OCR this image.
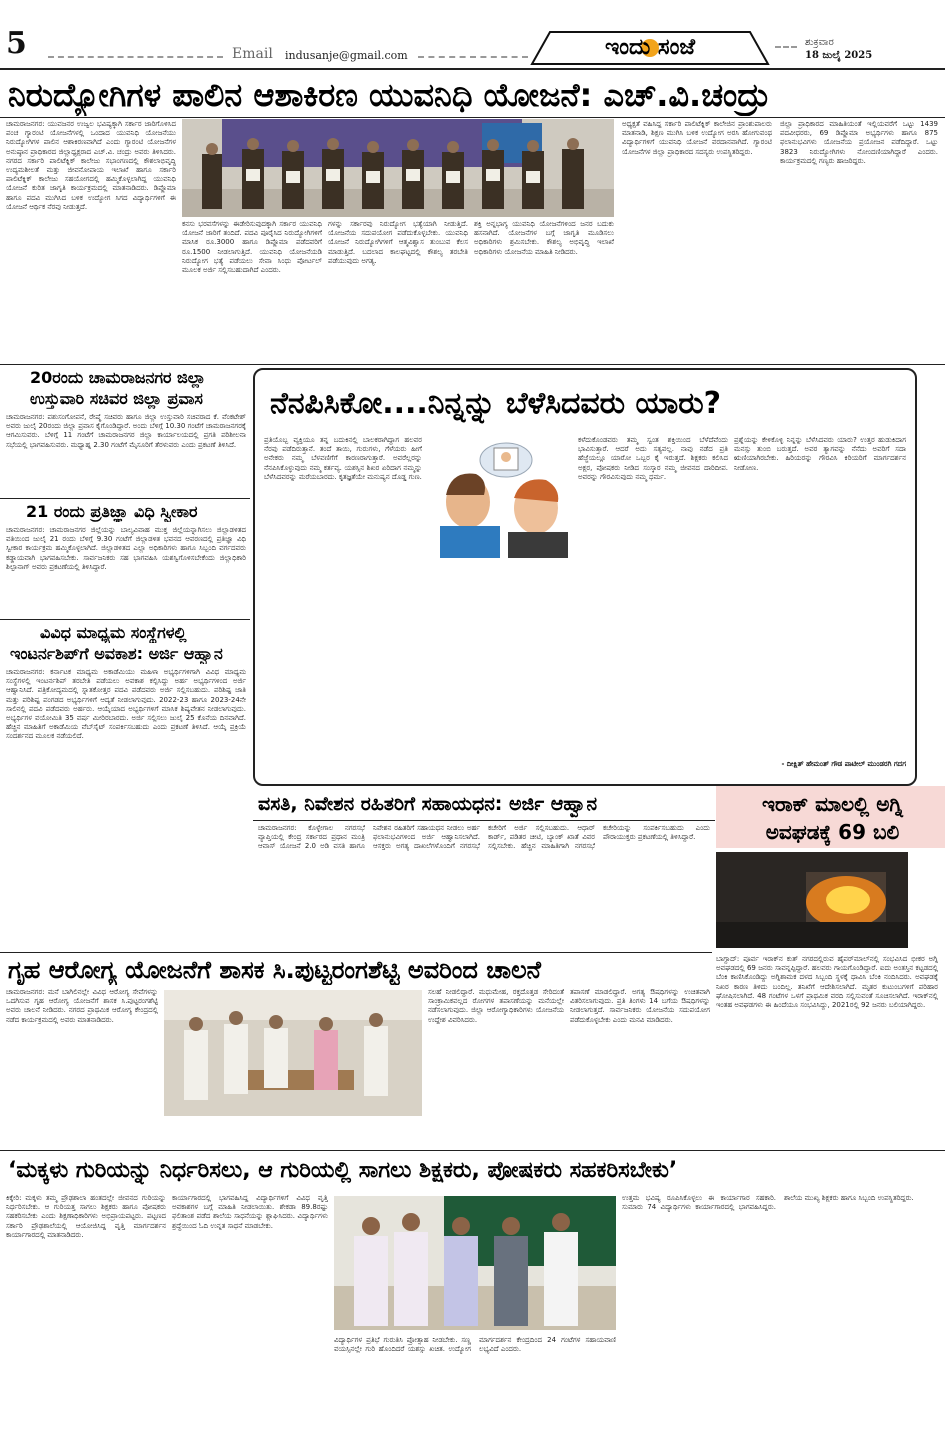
5	Email indusanje@gmail.com	ಇಂದು ಸಂಜೆ	ಶುಕ್ರವಾರ
18 ಜುಲೈ 2025
ನಿರುದ್ಯೋಗಿಗಳ ಪಾಲಿನ ಆಶಾಕಿರಣ ಯುವನಿಧಿ ಯೋಜನೆ: ಎಚ್.ವಿ.ಚಂದ್ರು
ಚಾಮರಾಜನಗರ: ಯುವಜನರ ಉಜ್ವಲ ಭವಿಷ್ಯಕ್ಕಾಗಿ ಸರ್ಕಾರ ಜಾರಿಗೊಳಿಸಿದ ಪಂಚ ಗ್ಯಾರಂಟಿ ಯೋಜನೆಗಳಲ್ಲಿ ಒಂದಾದ ಯುವನಿಧಿ ಯೋಜನೆಯು ನಿರುದ್ಯೋಗಿಗಳ ಪಾಲಿನ ಆಶಾಕಿರಣವಾಗಿದೆ ಎಂದು ಗ್ಯಾರಂಟಿ ಯೋಜನೆಗಳ ಅನುಷ್ಠಾನ ಪ್ರಾಧಿಕಾರದ ಜಿಲ್ಲಾಧ್ಯಕ್ಷರಾದ ಎಚ್.ವಿ. ಚಂದ್ರು ಅವರು ತಿಳಿಸಿದರು. ನಗರದ ಸರ್ಕಾರಿ ಪಾಲಿಟೆಕ್ನಿಕ್ ಕಾಲೇಜು ಸಭಾಂಗಣದಲ್ಲಿ ಕೌಶಲಾಭಿವೃದ್ಧಿ ಉದ್ಯಮಶೀಲತೆ ಮತ್ತು ಜೀವನೋಪಾಯ ಇಲಾಖೆ ಹಾಗೂ ಸರ್ಕಾರಿ ಪಾಲಿಟೆಕ್ನಿಕ್ ಕಾಲೇಜು ಸಹಯೋಗದಲ್ಲಿ ಹಮ್ಮಿಕೊಳ್ಳಲಾಗಿದ್ದ ಯುವನಿಧಿ ಯೋಜನೆ ಕುರಿತ ಜಾಗೃತಿ ಕಾರ್ಯಕ್ರಮದಲ್ಲಿ ಮಾತನಾಡಿದರು. ಡಿಪ್ಲೊಮಾ ಹಾಗೂ ಪದವಿ ಮುಗಿಸಿದ ಬಳಿಕ ಉದ್ಯೋಗ ಸಿಗದ ವಿದ್ಯಾರ್ಥಿಗಳಿಗೆ ಈ ಯೋಜನೆ ಆರ್ಥಿಕ ನೆರವು ನೀಡುತ್ತದೆ.
ಕನಸು ಭರವಸೆಗಳನ್ನು ಈಡೇರಿಸುವುದಕ್ಕಾಗಿ ಸರ್ಕಾರ ಯುವನಿಧಿ ಯೋಜನೆ ಜಾರಿಗೆ ತಂದಿದೆ. ಪದವಿ ಪೂರೈಸಿದ ನಿರುದ್ಯೋಗಿಗಳಿಗೆ ಮಾಸಿಕ ರೂ.3000 ಹಾಗೂ ಡಿಪ್ಲೊಮಾ ಪಡೆದವರಿಗೆ ರೂ.1500 ನೀಡಲಾಗುತ್ತಿದೆ. ಯುವನಿಧಿ ಯೋಜನೆಯಡಿ ನಿರುದ್ಯೋಗ ಭತ್ಯೆ ಪಡೆಯಲು ಸೇವಾ ಸಿಂಧು ಪೋರ್ಟಲ್ ಮೂಲಕ ಅರ್ಜಿ ಸಲ್ಲಿಸಬಹುದಾಗಿದೆ ಎಂದರು.
ಗಳನ್ನು ಸರ್ಕಾರವು ನಿರುದ್ಯೋಗ ಭತ್ಯೆಯಾಗಿ ನೀಡುತ್ತಿದೆ. ಯೋಜನೆಯ ಸದುಪಯೋಗ ಪಡೆದುಕೊಳ್ಳಬೇಕು. ಯುವನಿಧಿ ಯೋಜನೆ ನಿರುದ್ಯೋಗಿಗಳಿಗೆ ಆತ್ಮವಿಶ್ವಾಸ ತುಂಬುವ ಕೆಲಸ ಮಾಡುತ್ತಿದೆ. ಬದಲಾದ ಕಾಲಘಟ್ಟದಲ್ಲಿ ಕೌಶಲ್ಯ ತರಬೇತಿ ಪಡೆಯುವುದು ಅಗತ್ಯ.
ಶಕ್ತಿ ಅನ್ನಭಾಗ್ಯ ಯುವನಿಧಿ ಯೋಜನೆಗಳಿಂದ ಜನರ ಬದುಕು ಹಸನಾಗಿದೆ. ಯೋಜನೆಗಳ ಬಗ್ಗೆ ಜಾಗೃತಿ ಮೂಡಿಸಲು ಅಧಿಕಾರಿಗಳು ಶ್ರಮಿಸಬೇಕು. ಕೌಶಲ್ಯ ಅಭಿವೃದ್ಧಿ ಇಲಾಖೆ ಅಧಿಕಾರಿಗಳು ಯೋಜನೆಯ ಮಾಹಿತಿ ನೀಡಿದರು.
ಅಧ್ಯಕ್ಷತೆ ವಹಿಸಿದ್ದ ಸರ್ಕಾರಿ ಪಾಲಿಟೆಕ್ನಿಕ್ ಕಾಲೇಜಿನ ಪ್ರಾಂಶುಪಾಲರು ಮಾತನಾಡಿ, ಶಿಕ್ಷಣ ಮುಗಿಸಿ ಬಳಿಕ ಉದ್ಯೋಗ ಅರಸಿ ಹೋಗುವಂಥ ವಿದ್ಯಾರ್ಥಿಗಳಿಗೆ ಯುವನಿಧಿ ಯೋಜನೆ ವರದಾನವಾಗಿದೆ. ಗ್ಯಾರಂಟಿ ಯೋಜನೆಗಳ ಜಿಲ್ಲಾ ಪ್ರಾಧಿಕಾರದ ಸದಸ್ಯರು ಉಪಸ್ಥಿತರಿದ್ದರು.
ಜಿಲ್ಲಾ ಪ್ರಾಧಿಕಾರದ ಮಾಹಿತಿಯಂತೆ ಇಲ್ಲಿಯವರೆಗೆ ಒಟ್ಟು 1439 ಪದವೀಧರರು, 69 ಡಿಪ್ಲೊಮಾ ಅಭ್ಯರ್ಥಿಗಳು ಹಾಗೂ 875 ಫಲಾನುಭವಿಗಳು ಯೋಜನೆಯ ಪ್ರಯೋಜನ ಪಡೆದಿದ್ದಾರೆ. ಒಟ್ಟು 3823 ನಿರುದ್ಯೋಗಿಗಳು ನೋಂದಣಿಯಾಗಿದ್ದಾರೆ ಎಂದರು. ಕಾರ್ಯಕ್ರಮದಲ್ಲಿ ಗಣ್ಯರು ಹಾಜರಿದ್ದರು.
20ರಂದು ಚಾಮರಾಜನಗರ ಜಿಲ್ಲಾ
ಉಸ್ತುವಾರಿ ಸಚಿವರ ಜಿಲ್ಲಾ ಪ್ರವಾಸ
ಚಾಮರಾಜನಗರ: ಪಶುಸಂಗೋಪನೆ, ರೇಷ್ಮೆ ಸಚಿವರು ಹಾಗೂ ಜಿಲ್ಲಾ ಉಸ್ತುವಾರಿ ಸಚಿವರಾದ ಕೆ. ವೆಂಕಟೇಶ್ ಅವರು ಜುಲೈ 20ರಂದು ಜಿಲ್ಲಾ ಪ್ರವಾಸ ಕೈಗೊಂಡಿದ್ದಾರೆ. ಅಂದು ಬೆಳಿಗ್ಗೆ 10.30 ಗಂಟೆಗೆ ಚಾಮರಾಜನಗರಕ್ಕೆ ಆಗಮಿಸುವರು. ಬೆಳಿಗ್ಗೆ 11 ಗಂಟೆಗೆ ಚಾಮರಾಜನಗರ ಜಿಲ್ಲಾ ಕಾರ್ಯಾಲಯದಲ್ಲಿ ಪ್ರಗತಿ ಪರಿಶೀಲನಾ ಸಭೆಯಲ್ಲಿ ಭಾಗವಹಿಸುವರು. ಮಧ್ಯಾಹ್ನ 2.30 ಗಂಟೆಗೆ ಮೈಸೂರಿಗೆ ತೆರಳುವರು ಎಂದು ಪ್ರಕಟಣೆ ತಿಳಿಸಿದೆ.
21 ರಂದು ಪ್ರತಿಜ್ಞಾ ವಿಧಿ ಸ್ವೀಕಾರ
ಚಾಮರಾಜನಗರ: ಚಾಮರಾಜನಗರ ಜಿಲ್ಲೆಯನ್ನು ಬಾಲ್ಯವಿವಾಹ ಮುಕ್ತ ಜಿಲ್ಲೆಯನ್ನಾಗಿಸಲು ಜಿಲ್ಲಾಡಳಿತದ ವತಿಯಿಂದ ಜುಲೈ 21 ರಂದು ಬೆಳಿಗ್ಗೆ 9.30 ಗಂಟೆಗೆ ಜಿಲ್ಲಾಡಳಿತ ಭವನದ ಆವರಣದಲ್ಲಿ ಪ್ರತಿಜ್ಞಾ ವಿಧಿ ಸ್ವೀಕಾರ ಕಾರ್ಯಕ್ರಮ ಹಮ್ಮಿಕೊಳ್ಳಲಾಗಿದೆ. ಜಿಲ್ಲಾಡಳಿತದ ಎಲ್ಲಾ ಅಧಿಕಾರಿಗಳು ಹಾಗೂ ಸಿಬ್ಬಂದಿ ವರ್ಗದವರು ಕಡ್ಡಾಯವಾಗಿ ಭಾಗವಹಿಸಬೇಕು. ಸಾರ್ವಜನಿಕರು ಸಹ ಭಾಗವಹಿಸಿ ಯಶಸ್ವಿಗೊಳಿಸಬೇಕೆಂದು ಜಿಲ್ಲಾಧಿಕಾರಿ ಶಿಲ್ಪಾನಾಗ್ ಅವರು ಪ್ರಕಟಣೆಯಲ್ಲಿ ತಿಳಿಸಿದ್ದಾರೆ.
ವಿವಿಧ ಮಾಧ್ಯಮ ಸಂಸ್ಥೆಗಳಲ್ಲಿ
ಇಂಟರ್ನಶಿಪ್‌ಗೆ ಅವಕಾಶ: ಅರ್ಜಿ ಆಹ್ವಾನ
ಚಾಮರಾಜನಗರ: ಕರ್ನಾಟಕ ಮಾಧ್ಯಮ ಅಕಾಡೆಮಿಯು ಮಹಿಳಾ ಅಭ್ಯರ್ಥಿಗಳಿಗಾಗಿ ವಿವಿಧ ಮಾಧ್ಯಮ ಸಂಸ್ಥೆಗಳಲ್ಲಿ ಇಂಟರ್ನಶಿಪ್ ತರಬೇತಿ ಪಡೆಯಲು ಅವಕಾಶ ಕಲ್ಪಿಸಿದ್ದು ಅರ್ಹ ಅಭ್ಯರ್ಥಿಗಳಿಂದ ಅರ್ಜಿ ಆಹ್ವಾನಿಸಿದೆ. ಪತ್ರಿಕೋದ್ಯಮದಲ್ಲಿ ಸ್ನಾತಕೋತ್ತರ ಪದವಿ ಪಡೆದವರು ಅರ್ಜಿ ಸಲ್ಲಿಸಬಹುದು. ಪರಿಶಿಷ್ಟ ಜಾತಿ ಮತ್ತು ಪರಿಶಿಷ್ಟ ಪಂಗಡದ ಅಭ್ಯರ್ಥಿಗಳಿಗೆ ಆದ್ಯತೆ ನೀಡಲಾಗುವುದು. 2022-23 ಹಾಗೂ 2023-24ನೇ ಸಾಲಿನಲ್ಲಿ ಪದವಿ ಪಡೆದವರು ಅರ್ಹರು. ಆಯ್ಕೆಯಾದ ಅಭ್ಯರ್ಥಿಗಳಿಗೆ ಮಾಸಿಕ ಶಿಷ್ಯವೇತನ ನೀಡಲಾಗುವುದು. ಅಭ್ಯರ್ಥಿಗಳ ವಯೋಮಿತಿ 35 ವರ್ಷ ಮೀರಿರಬಾರದು. ಅರ್ಜಿ ಸಲ್ಲಿಸಲು ಜುಲೈ 25 ಕೊನೆಯ ದಿನವಾಗಿದೆ. ಹೆಚ್ಚಿನ ಮಾಹಿತಿಗೆ ಅಕಾಡೆಮಿಯ ವೆಬ್‌ಸೈಟ್ ಸಂಪರ್ಕಿಸಬಹುದು ಎಂದು ಪ್ರಕಟಣೆ ತಿಳಿಸಿದೆ. ಆಯ್ಕೆ ಪ್ರಕ್ರಿಯೆ ಸಂದರ್ಶನದ ಮೂಲಕ ನಡೆಯಲಿದೆ.
ನೆನಪಿಸಿಕೋ....ನಿನ್ನನ್ನು ಬೆಳೆಸಿದವರು ಯಾರು?
ಪ್ರತಿಯೊಬ್ಬ ವ್ಯಕ್ತಿಯೂ ತನ್ನ ಬದುಕಿನಲ್ಲಿ ಬಾಲಕರಾಗಿದ್ದಾಗ ಹಲವರ ನೆರವು ಪಡೆದಿರುತ್ತಾನೆ. ತಂದೆ ತಾಯಿ, ಗುರುಗಳು, ಗೆಳೆಯರು ಹೀಗೆ ಅನೇಕರು ನಮ್ಮ ಬೆಳವಣಿಗೆಗೆ ಕಾರಣರಾಗುತ್ತಾರೆ. ಅವರೆಲ್ಲರನ್ನು ನೆನಪಿಸಿಕೊಳ್ಳುವುದು ನಮ್ಮ ಕರ್ತವ್ಯ. ಯಶಸ್ಸಿನ ಶಿಖರ ಏರಿದಾಗ ನಮ್ಮನ್ನು ಬೆಳೆಸಿದವರನ್ನು ಮರೆಯಬಾರದು. ಕೃತಜ್ಞತೆಯೇ ಮನುಷ್ಯನ ದೊಡ್ಡ ಗುಣ.
ಕಳೆದುಕೊಂಡವರು ತಮ್ಮ ಸ್ವಂತ ಶಕ್ತಿಯಿಂದ ಬೆಳೆದೆವೆಂದು ಭಾವಿಸುತ್ತಾರೆ. ಆದರೆ ಅದು ಸತ್ಯವಲ್ಲ. ನಾವು ನಡೆದ ಪ್ರತಿ ಹೆಜ್ಜೆಯಲ್ಲೂ ಯಾರೋ ಒಬ್ಬರ ಕೈ ಇರುತ್ತದೆ. ಶಿಕ್ಷಕರು ಕಲಿಸಿದ ಅಕ್ಷರ, ಪೋಷಕರು ನೀಡಿದ ಸಂಸ್ಕಾರ ನಮ್ಮ ಜೀವನದ ದಾರಿದೀಪ. ಅವರನ್ನು ಗೌರವಿಸುವುದು ನಮ್ಮ ಧರ್ಮ.
ಪ್ರಶ್ನೆಯನ್ನು ಕೇಳಿಕೊಳ್ಳಿ ನಿನ್ನನ್ನು ಬೆಳೆಸಿದವರು ಯಾರು? ಉತ್ತರ ಹುಡುಕಿದಾಗ ಮನಸ್ಸು ತುಂಬಿ ಬರುತ್ತದೆ. ಅವರ ತ್ಯಾಗವನ್ನು ನೆನೆದು ಅವರಿಗೆ ಸದಾ ಋಣಿಯಾಗಿರಬೇಕು. ಹಿರಿಯರನ್ನು ಗೌರವಿಸಿ ಕಿರಿಯರಿಗೆ ಮಾರ್ಗದರ್ಶನ ನೀಡೋಣ.
- ದೀಕ್ಷಿತ್ ಹೇಮಂತ್ ಗೌಡ ಪಾಟೀಲ್ ಮುಂಡರಗಿ ಗದಗ
ವಸತಿ, ನಿವೇಶನ ರಹಿತರಿಗೆ ಸಹಾಯಧನ: ಅರ್ಜಿ ಆಹ್ವಾನ
ಚಾಮರಾಜನಗರ: ಕೊಳ್ಳೇಗಾಲ ನಗರಸಭೆ ವ್ಯಾಪ್ತಿಯಲ್ಲಿ ಕೇಂದ್ರ ಸರ್ಕಾರದ ಪ್ರಧಾನ ಮಂತ್ರಿ ಆವಾಸ್ ಯೋಜನೆ 2.0 ಅಡಿ ವಸತಿ ಹಾಗೂ ನಿವೇಶನ ರಹಿತರಿಗೆ ಸಹಾಯಧನ ನೀಡಲು ಅರ್ಹ ಫಲಾನುಭವಿಗಳಿಂದ ಅರ್ಜಿ ಆಹ್ವಾನಿಸಲಾಗಿದೆ. ಆಸಕ್ತರು ಅಗತ್ಯ ದಾಖಲೆಗಳೊಂದಿಗೆ ನಗರಸಭೆ ಕಚೇರಿಗೆ ಅರ್ಜಿ ಸಲ್ಲಿಸಬಹುದು. ಆಧಾರ್ ಕಾರ್ಡ್, ಪಡಿತರ ಚೀಟಿ, ಬ್ಯಾಂಕ್ ಖಾತೆ ವಿವರ ಸಲ್ಲಿಸಬೇಕು. ಹೆಚ್ಚಿನ ಮಾಹಿತಿಗಾಗಿ ನಗರಸಭೆ ಕಚೇರಿಯನ್ನು ಸಂಪರ್ಕಿಸಬಹುದು ಎಂದು ಪೌರಾಯುಕ್ತರು ಪ್ರಕಟಣೆಯಲ್ಲಿ ತಿಳಿಸಿದ್ದಾರೆ.
ಇರಾಕ್ ಮಾಲಲ್ಲಿ ಅಗ್ನಿ
ಅವಘಡಕ್ಕೆ 69 ಬಲಿ
ಬಾಗ್ದಾದ್: ಪೂರ್ವ ಇರಾಕ್‌ನ ಕುತ್‌ ನಗರದಲ್ಲಿರುವ ಹೈಪರ್‌ಮಾಲ್‌ನಲ್ಲಿ ಸಂಭವಿಸಿದ ಭೀಕರ ಅಗ್ನಿ ಅವಘಡದಲ್ಲಿ 69 ಜನರು ಸಾವನ್ನಪ್ಪಿದ್ದಾರೆ. ಹಲವರು ಗಾಯಗೊಂಡಿದ್ದಾರೆ. ಐದು ಅಂತಸ್ತಿನ ಕಟ್ಟಡದಲ್ಲಿ ಬೆಂಕಿ ಕಾಣಿಸಿಕೊಂಡಿದ್ದು ಅಗ್ನಿಶಾಮಕ ದಳದ ಸಿಬ್ಬಂದಿ ಸ್ಥಳಕ್ಕೆ ಧಾವಿಸಿ ಬೆಂಕಿ ನಂದಿಸಿದರು. ಅವಘಡಕ್ಕೆ ನಿಖರ ಕಾರಣ ತಿಳಿದು ಬಂದಿಲ್ಲ. ತನಿಖೆಗೆ ಆದೇಶಿಸಲಾಗಿದೆ. ಮೃತರ ಕುಟುಂಬಗಳಿಗೆ ಪರಿಹಾರ ಘೋಷಿಸಲಾಗಿದೆ. 48 ಗಂಟೆಗಳ ಒಳಗೆ ಪ್ರಾಥಮಿಕ ವರದಿ ಸಲ್ಲಿಸುವಂತೆ ಸೂಚಿಸಲಾಗಿದೆ. ಇರಾಕ್‌ನಲ್ಲಿ ಇಂತಹ ಅವಘಡಗಳು ಈ ಹಿಂದೆಯೂ ಸಂಭವಿಸಿದ್ದು, 2021ರಲ್ಲಿ 92 ಜನರು ಬಲಿಯಾಗಿದ್ದರು.
ಗೃಹ ಆರೋಗ್ಯ ಯೋಜನೆಗೆ ಶಾಸಕ ಸಿ.ಪುಟ್ಟರಂಗಶೆಟ್ಟಿ ಅವರಿಂದ ಚಾಲನೆ
ಚಾಮರಾಜನಗರ: ಮನೆ ಬಾಗಿಲಿನಲ್ಲೇ ವಿವಿಧ ಆರೋಗ್ಯ ಸೇವೆಗಳನ್ನು ಒದಗಿಸುವ ಗೃಹ ಆರೋಗ್ಯ ಯೋಜನೆಗೆ ಶಾಸಕ ಸಿ.ಪುಟ್ಟರಂಗಶೆಟ್ಟಿ ಅವರು ಚಾಲನೆ ನೀಡಿದರು. ನಗರದ ಪ್ರಾಥಮಿಕ ಆರೋಗ್ಯ ಕೇಂದ್ರದಲ್ಲಿ ನಡೆದ ಕಾರ್ಯಕ್ರಮದಲ್ಲಿ ಅವರು ಮಾತನಾಡಿದರು.
ಸಲಹೆ ನೀಡಲಿದ್ದಾರೆ. ಮಧುಮೇಹ, ರಕ್ತದೊತ್ತಡ ಸೇರಿದಂತೆ ಸಾಂಕ್ರಾಮಿಕವಲ್ಲದ ರೋಗಗಳ ತಪಾಸಣೆಯನ್ನು ಮನೆಯಲ್ಲೇ ನಡೆಸಲಾಗುವುದು. ಜಿಲ್ಲಾ ಆರೋಗ್ಯಾಧಿಕಾರಿಗಳು ಯೋಜನೆಯ ಉದ್ದೇಶ ವಿವರಿಸಿದರು.
ತಪಾಸಣೆ ಮಾಡಲಿದ್ದಾರೆ. ಅಗತ್ಯ ಔಷಧಿಗಳನ್ನು ಉಚಿತವಾಗಿ ವಿತರಿಸಲಾಗುವುದು. ಪ್ರತಿ ತಿಂಗಳು 14 ಬಗೆಯ ಔಷಧಿಗಳನ್ನು ನೀಡಲಾಗುತ್ತದೆ. ಸಾರ್ವಜನಿಕರು ಯೋಜನೆಯ ಸದುಪಯೋಗ ಪಡೆದುಕೊಳ್ಳಬೇಕು ಎಂದು ಮನವಿ ಮಾಡಿದರು.
‘ಮಕ್ಕಳು ಗುರಿಯನ್ನು ನಿರ್ಧರಿಸಲು, ಆ ಗುರಿಯಲ್ಲಿ ಸಾಗಲು ಶಿಕ್ಷಕರು, ಪೋಷಕರು ಸಹಕರಿಸಬೇಕು’
ಕಿಕ್ಕೇರಿ: ಮಕ್ಕಳು ತಮ್ಮ ಪ್ರೌಢಶಾಲಾ ಹಂತದಲ್ಲೇ ಜೀವನದ ಗುರಿಯನ್ನು ನಿರ್ಧರಿಸಬೇಕು. ಆ ಗುರಿಯತ್ತ ಸಾಗಲು ಶಿಕ್ಷಕರು ಹಾಗೂ ಪೋಷಕರು ಸಹಕರಿಸಬೇಕು ಎಂದು ಶಿಕ್ಷಣಾಧಿಕಾರಿಗಳು ಅಭಿಪ್ರಾಯಪಟ್ಟರು. ಪಟ್ಟಣದ ಸರ್ಕಾರಿ ಪ್ರೌಢಶಾಲೆಯಲ್ಲಿ ಆಯೋಜಿಸಿದ್ದ ವೃತ್ತಿ ಮಾರ್ಗದರ್ಶನ ಕಾರ್ಯಾಗಾರದಲ್ಲಿ ಮಾತನಾಡಿದರು.
ಕಾರ್ಯಾಗಾರದಲ್ಲಿ ಭಾಗವಹಿಸಿದ್ದ ವಿದ್ಯಾರ್ಥಿಗಳಿಗೆ ವಿವಿಧ ವೃತ್ತಿ ಅವಕಾಶಗಳ ಬಗ್ಗೆ ಮಾಹಿತಿ ನೀಡಲಾಯಿತು. ಶೇಕಡಾ 89.8ರಷ್ಟು ಫಲಿತಾಂಶ ಪಡೆದ ಶಾಲೆಯ ಸಾಧನೆಯನ್ನು ಶ್ಲಾಘಿಸಿದರು. ವಿದ್ಯಾರ್ಥಿಗಳು ಶ್ರದ್ಧೆಯಿಂದ ಓದಿ ಉನ್ನತ ಸಾಧನೆ ಮಾಡಬೇಕು.
ವಿದ್ಯಾರ್ಥಿಗಳ ಪ್ರತಿಭೆ ಗುರುತಿಸಿ ಪ್ರೋತ್ಸಾಹ ನೀಡಬೇಕು. ಸಣ್ಣ ವಯಸ್ಸಿನಲ್ಲೇ ಗುರಿ ಹೊಂದಿದರೆ ಯಶಸ್ಸು ಖಚಿತ. ಉದ್ಯೋಗ ಮಾರ್ಗದರ್ಶನ ಕೇಂದ್ರದಿಂದ 24 ಗಂಟೆಗಳ ಸಹಾಯವಾಣಿ ಲಭ್ಯವಿದೆ ಎಂದರು.
ಉತ್ತಮ ಭವಿಷ್ಯ ರೂಪಿಸಿಕೊಳ್ಳಲು ಈ ಕಾರ್ಯಾಗಾರ ಸಹಕಾರಿ. ಸುಮಾರು 74 ವಿದ್ಯಾರ್ಥಿಗಳು ಕಾರ್ಯಾಗಾರದಲ್ಲಿ ಭಾಗವಹಿಸಿದ್ದರು. ಶಾಲೆಯ ಮುಖ್ಯ ಶಿಕ್ಷಕರು ಹಾಗೂ ಸಿಬ್ಬಂದಿ ಉಪಸ್ಥಿತರಿದ್ದರು.
